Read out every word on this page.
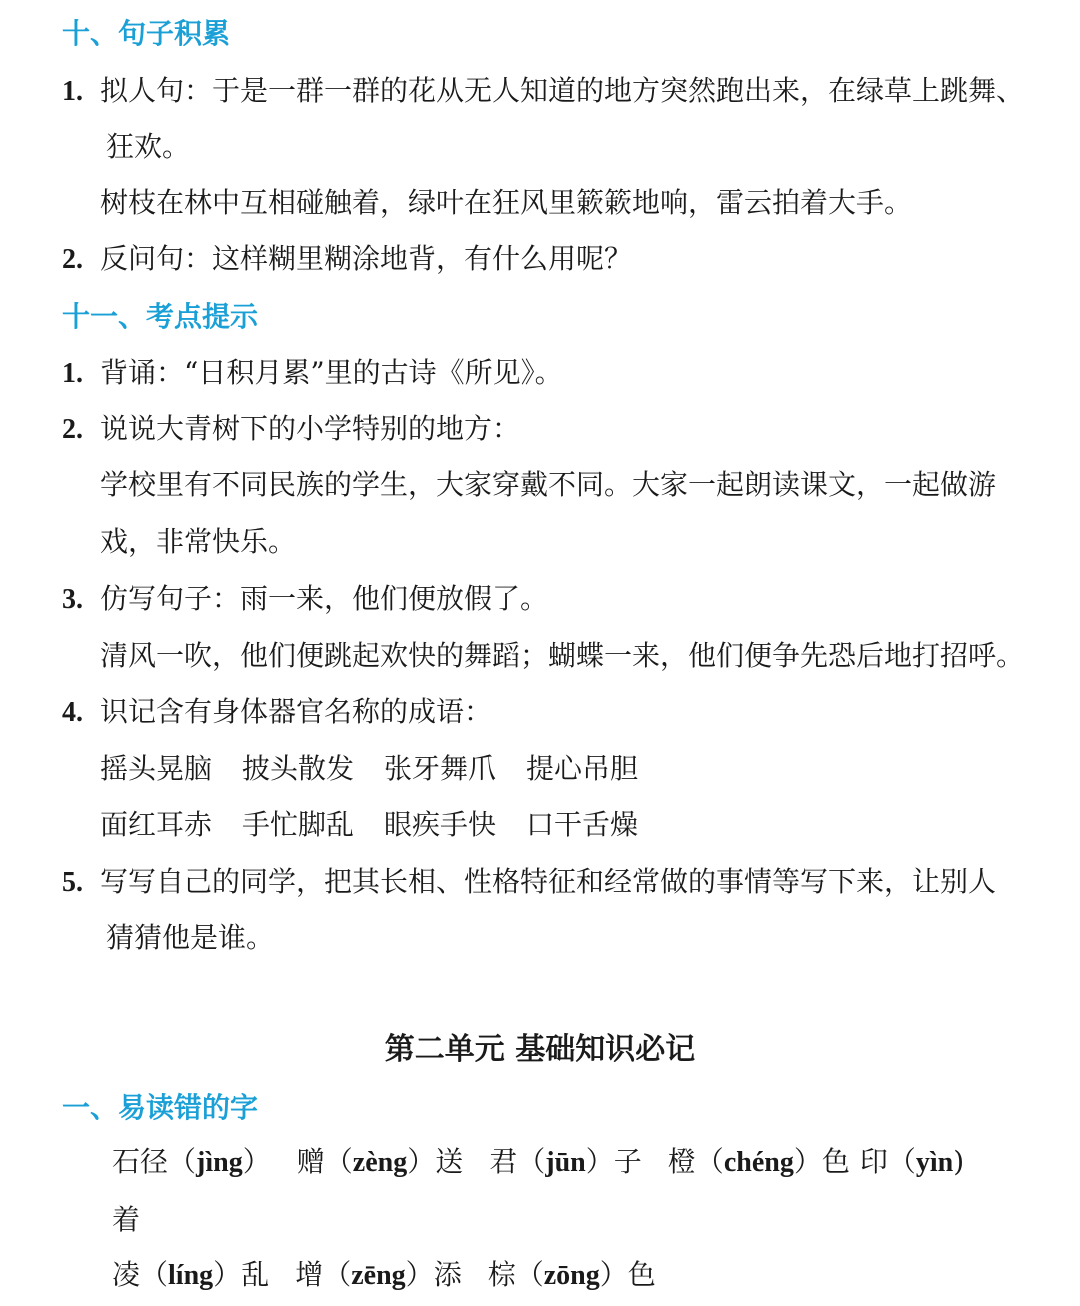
十、句子积累
1. 拟人句：于是一群一群的花从无人知道的地方突然跑出来，在绿草上跳舞、
狂欢。
树枝在林中互相碰触着，绿叶在狂风里簌簌地响，雷云拍着大手。
2. 反问句：这样糊里糊涂地背，有什么用呢？
十一、考点提示
1. 背诵：“日积月累”里的古诗《所见》。
2. 说说大青树下的小学特别的地方：
学校里有不同民族的学生，大家穿戴不同。大家一起朗读课文，一起做游
戏，非常快乐。
3. 仿写句子：雨一来，他们便放假了。
清风一吹，他们便跳起欢快的舞蹈；蝴蝶一来，他们便争先恐后地打招呼。
4. 识记含有身体器官名称的成语：
摇头晃脑 披头散发 张牙舞爪 提心吊胆
面红耳赤 手忙脚乱 眼疾手快 口干舌燥
5. 写写自己的同学，把其长相、性格特征和经常做的事情等写下来，让别人
猜猜他是谁。
第二单元 基础知识必记
一、易读错的字
石径（jìng） 赠（zèng）送 君（jūn）子 橙（chéng）色 印（yìn)
着
凌（líng）乱 增（zēng）添 棕（zōng）色
